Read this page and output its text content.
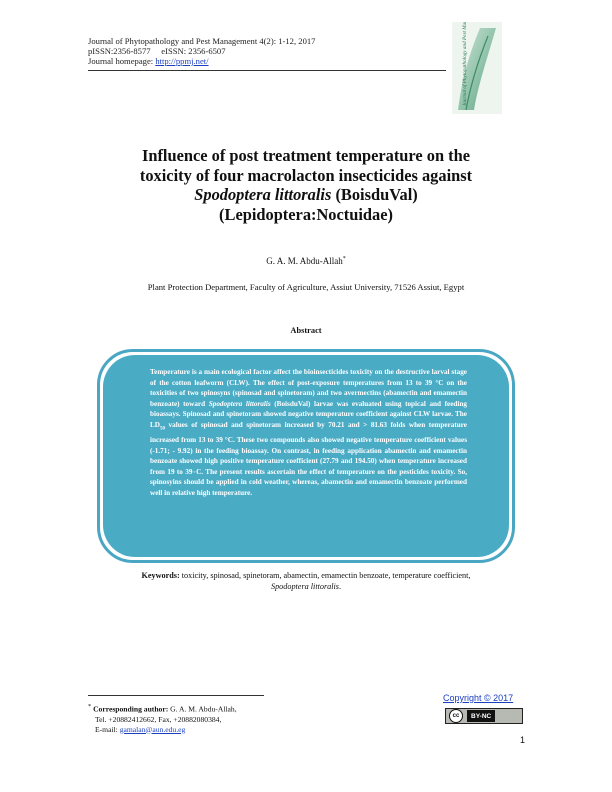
Journal of Phytopathology and Pest Management 4(2): 1-12, 2017
pISSN:2356-8577     eISSN: 2356-6507
Journal homepage: http://ppmj.net/	Journal of Phytopathology and Pest Management
Influence of post treatment temperature on the
toxicity of four macrolacton insecticides against
Spodoptera littoralis (BoisduVal)
(Lepidoptera:Noctuidae)
G. A. M. Abdu-Allah*
Plant Protection Department, Faculty of Agriculture, Assiut University, 71526 Assiut, Egypt
Abstract
Temperature is a main ecological factor affect the bioinsecticides toxicity on the destructive larval stage of the cotton leafworm (CLW). The effect of post-exposure temperatures from 13 to 39 °C on the toxicities of two spinosyns (spinosad and spinetoram) and two avermectins (abamectin and emamectin benzoate) toward Spodoptera littoralis (BoisduVal) larvae was evaluated using topical and feeding bioassays. Spinosad and spinetoram showed negative temperature coefficient against CLW larvae. The $LD_{50}$ values of spinosad and spinetoram increased by 70.21 and > 81.63 folds when temperature increased from 13 to 39 °C. These two compounds also showed negative temperature coefficient values (-1.71; - 9.92) in the feeding bioassay. On contrast, in feeding application abamectin and emamectin benzoate showed high positive temperature coefficient (27.79 and 194.50) when temperature increased from 19 to 39◦C. The present results ascertain the effect of temperature on the pesticides toxicity. So, spinosyins should be applied in cold weather, whereas, abamectin and emamectin benzoate performed well in relative high temperature.
Keywords: toxicity, spinosad, spinetoram, abamectin, emamectin benzoate, temperature coefficient,
Spodoptera littoralis.
* Corresponding author: G. A. M. Abdu-Allah,
Tel. +20882412662, Fax, +20882080384,
E-mail: gamalan@aun.edu.eg
Copyright © 2017
cc	BY-NC
1
